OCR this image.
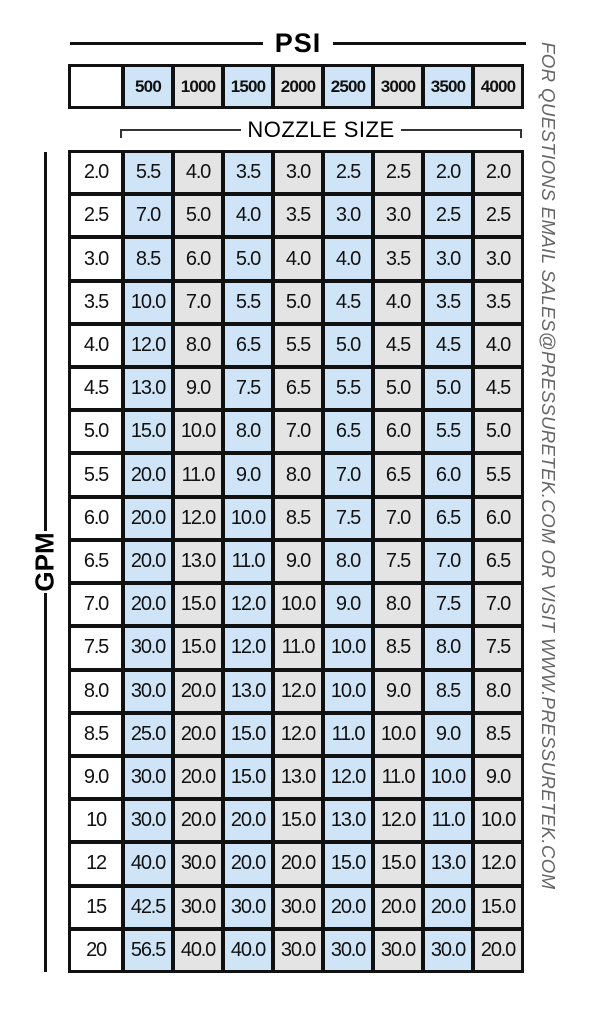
PSI
500	1000 1500 2000 2500 3000 3500 4000
NOZZLE SIZE
GPM
2.0	5.5	4.0	3.5	3.0	2.5	2.5	2.0	2.0
2.5	7.0	5.0	4.0	3.5	3.0	3.0	2.5	2.5
3.0	8.5	6.0	5.0	4.0	4.0	3.5	3.0	3.0
3.5	10.0	7.0	5.5	5.0	4.5	4.0	3.5	3.5
4.0	12.0	8.0	6.5	5.5	5.0	4.5	4.5	4.0
4.5	13.0	9.0	7.5	6.5	5.5	5.0	5.0	4.5
5.0	15.0 10.0	8.0	7.0	6.5	6.0	5.5	5.0
5.5	20.0 11.0	9.0	8.0	7.0	6.5	6.0	5.5
6.0	20.0 12.0 10.0	8.5	7.5	7.0	6.5	6.0
6.5	20.0 13.0 11.0	9.0	8.0	7.5	7.0	6.5
7.0	20.0 15.0 12.0 10.0	9.0	8.0	7.5	7.0
7.5	30.0 15.0 12.0 11.0 10.0	8.5	8.0	7.5
8.0	30.0 20.0 13.0 12.0 10.0	9.0	8.5	8.0
8.5	25.0 20.0 15.0 12.0 11.0 10.0	9.0	8.5
9.0	30.0 20.0 15.0 13.0 12.0 11.0 10.0	9.0
10	30.0 20.0 20.0 15.0 13.0 12.0 11.0 10.0
12	40.0 30.0 20.0 20.0 15.0 15.0 13.0 12.0
15	42.5 30.0 30.0 30.0 20.0 20.0 20.0 15.0
20	56.5 40.0 40.0 30.0 30.0 30.0 30.0 20.0
FOR QUESTIONS EMAIL SALES@PRESSURETEK.COM OR VISIT WWW.PRESSURETEK.COM
